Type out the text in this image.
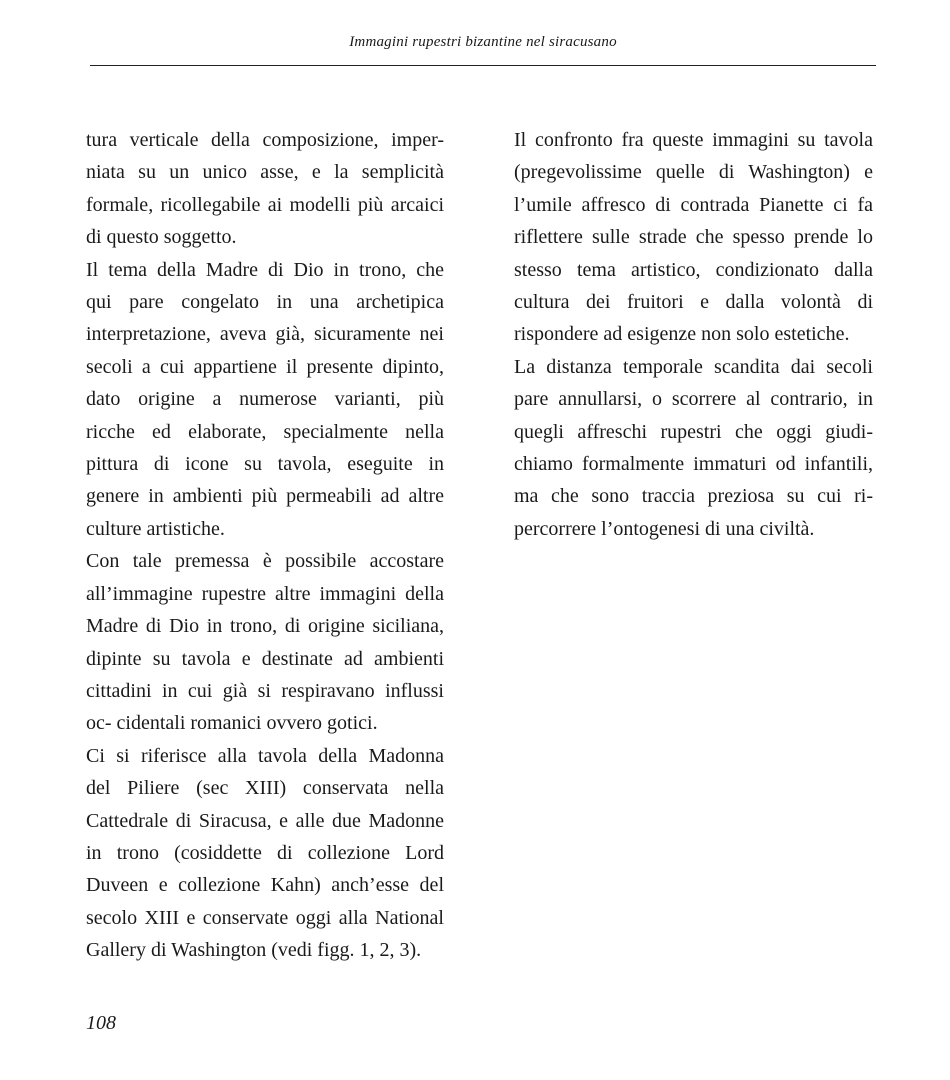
Immagini rupestri bizantine nel siracusano
tura verticale della composizione, imper-
niata su un unico asse, e la semplicità
formale, ricollegabile ai modelli più arcaici
di questo soggetto.
Il tema della Madre di Dio in trono, che
qui pare congelato in una archetipica
interpretazione, aveva già, sicuramente nei
secoli a cui appartiene il presente dipinto,
dato origine a numerose varianti, più
ricche ed elaborate, specialmente nella
pittura di icone su tavola, eseguite in
genere in ambienti più permeabili ad altre
culture artistiche.
Con tale premessa è possibile accostare
all’immagine rupestre altre immagini della
Madre di Dio in trono, di origine siciliana,
dipinte su tavola e destinate ad ambienti
cittadini in cui già si respiravano influssi
oc- cidentali romanici ovvero gotici.
Ci si riferisce alla tavola della Madonna
del Piliere (sec XIII) conservata nella
Cattedrale di Siracusa, e alle due Madonne
in trono (cosiddette di collezione Lord
Duveen e collezione Kahn) anch’esse del
secolo XIII e conservate oggi alla National
Gallery di Washington (vedi figg. 1, 2, 3).
Il confronto fra queste immagini su tavola
(pregevolissime quelle di Washington) e
l’umile affresco di contrada Pianette ci fa
riflettere sulle strade che spesso prende lo
stesso tema artistico, condizionato dalla
cultura dei fruitori e dalla volontà di
rispondere ad esigenze non solo estetiche.
La distanza temporale scandita dai secoli
pare annullarsi, o scorrere al contrario, in
quegli affreschi rupestri che oggi giudi-
chiamo formalmente immaturi od infantili,
ma che sono traccia preziosa su cui ri-
percorrere l’ontogenesi di una civiltà.
108
